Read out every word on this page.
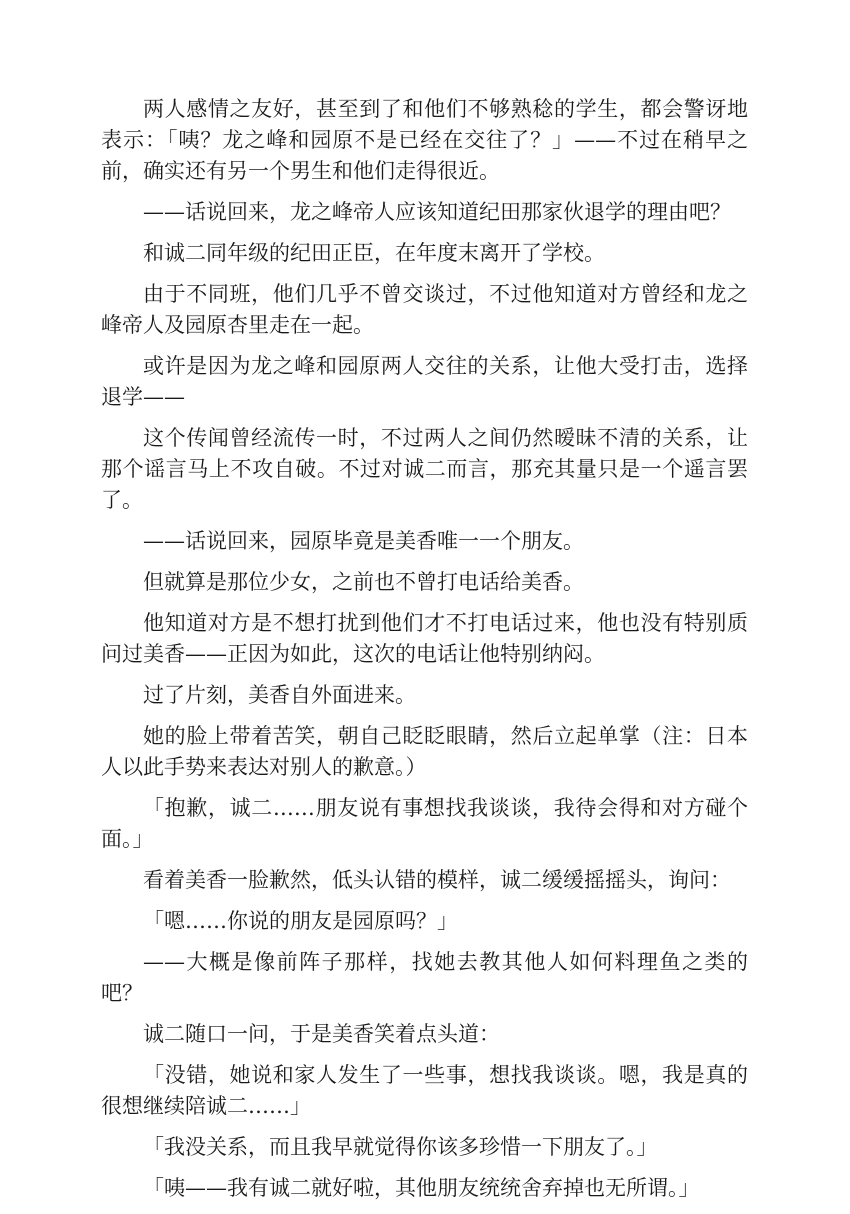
两人感情之友好，甚至到了和他们不够熟稔的学生，都会警讶地表示：「咦？龙之峰和园原不是已经在交往了？」——不过在稍早之前，确实还有另一个男生和他们走得很近。

——话说回来，龙之峰帝人应该知道纪田那家伙退学的理由吧？

和诚二同年级的纪田正臣，在年度末离开了学校。

由于不同班，他们几乎不曾交谈过，不过他知道对方曾经和龙之峰帝人及园原杏里走在一起。

或许是因为龙之峰和园原两人交往的关系，让他大受打击，选择退学——

这个传闻曾经流传一时，不过两人之间仍然暧昧不清的关系，让那个谣言马上不攻自破。不过对诚二而言，那充其量只是一个遥言罢了。

——话说回来，园原毕竟是美香唯一一个朋友。

但就算是那位少女，之前也不曾打电话给美香。

他知道对方是不想打扰到他们才不打电话过来，他也没有特别质问过美香——正因为如此，这次的电话让他特别纳闷。

过了片刻，美香自外面进来。

她的脸上带着苦笑，朝自己眨眨眼睛，然后立起单掌（注：日本人以此手势来表达对别人的歉意。）

「抱歉，诚二……朋友说有事想找我谈谈，我待会得和对方碰个面。」

看着美香一脸歉然，低头认错的模样，诚二缓缓摇摇头，询问：

「嗯……你说的朋友是园原吗？」

——大概是像前阵子那样，找她去教其他人如何料理鱼之类的吧？

诚二随口一问，于是美香笑着点头道：

「没错，她说和家人发生了一些事，想找我谈谈。嗯，我是真的很想继续陪诚二……」

「我没关系，而且我早就觉得你该多珍惜一下朋友了。」

「咦——我有诚二就好啦，其他朋友统统舍弃掉也无所谓。」
